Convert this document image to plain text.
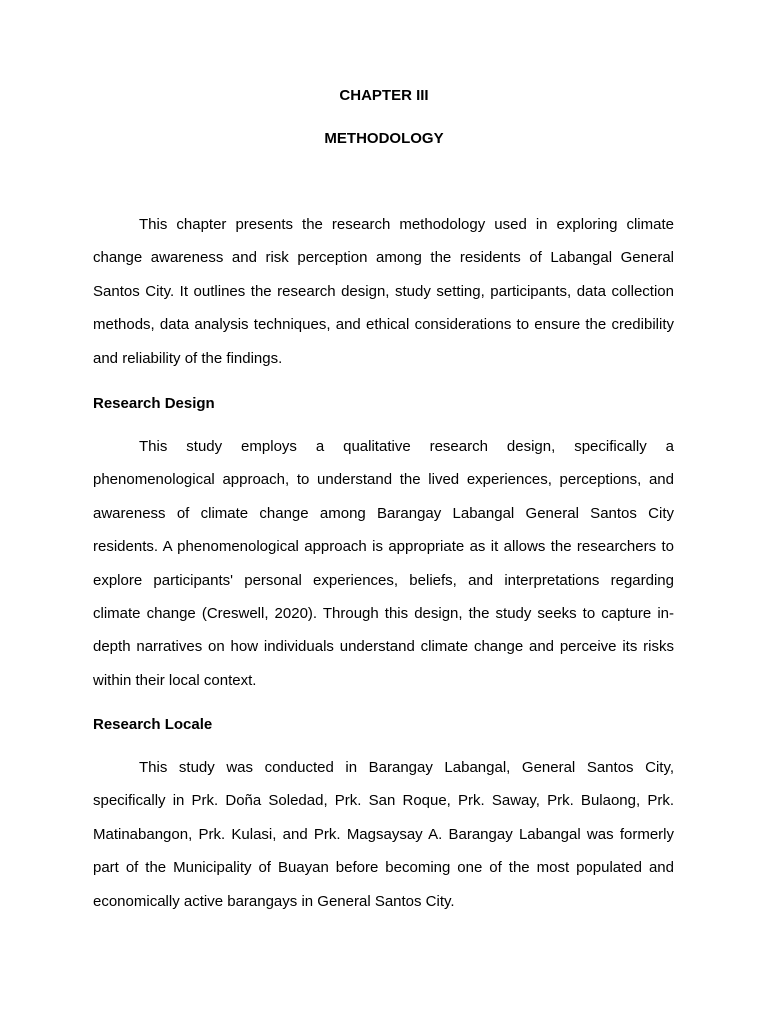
CHAPTER III
METHODOLOGY

This chapter presents the research methodology used in exploring climate change awareness and risk perception among the residents of Labangal General Santos City. It outlines the research design, study setting, participants, data collection methods, data analysis techniques, and ethical considerations to ensure the credibility and reliability of the findings.

Research Design

This study employs a qualitative research design, specifically a phenomenological approach, to understand the lived experiences, perceptions, and awareness of climate change among Barangay Labangal General Santos City residents. A phenomenological approach is appropriate as it allows the researchers to explore participants' personal experiences, beliefs, and interpretations regarding climate change (Creswell, 2020). Through this design, the study seeks to capture in-depth narratives on how individuals understand climate change and perceive its risks within their local context.

Research Locale

This study was conducted in Barangay Labangal, General Santos City, specifically in Prk. Doña Soledad, Prk. San Roque, Prk. Saway, Prk. Bulaong, Prk. Matinabangon, Prk. Kulasi, and Prk. Magsaysay A. Barangay Labangal was formerly part of the Municipality of Buayan before becoming one of the most populated and economically active barangays in General Santos City.
